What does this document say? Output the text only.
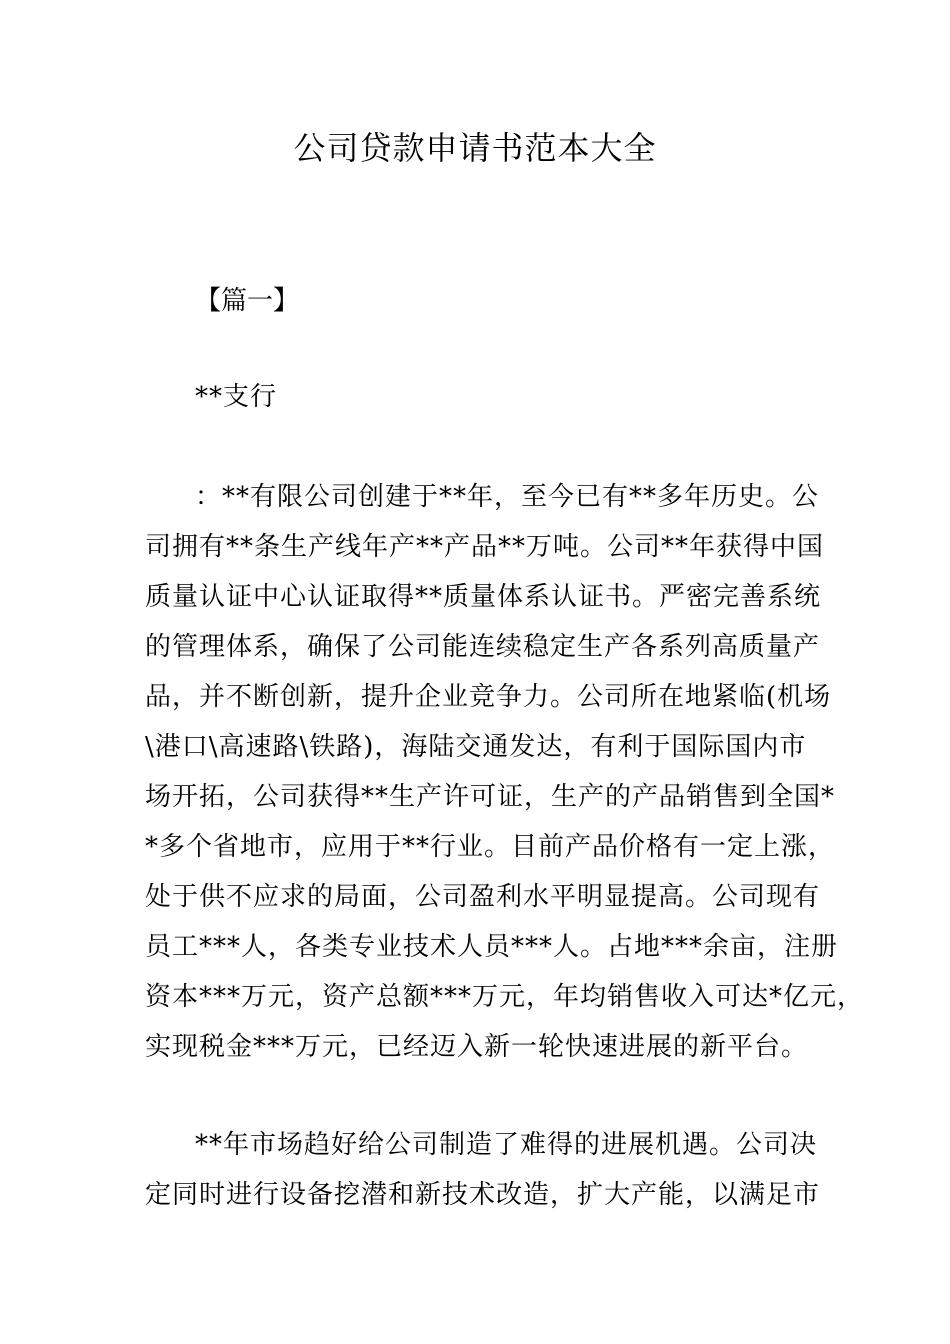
公司贷款申请书范本大全
【篇一】
**支行
：**有限公司创建于**年，至今已有**多年历史。公
司拥有**条生产线年产**产品**万吨。公司**年获得中国
质量认证中心认证取得**质量体系认证书。严密完善系统
的管理体系，确保了公司能连续稳定生产各系列高质量产
品，并不断创新，提升企业竞争力。公司所在地紧临(机场
\港口\高速路\铁路)，海陆交通发达，有利于国际国内市
场开拓，公司获得**生产许可证，生产的产品销售到全国*
*多个省地市，应用于**行业。目前产品价格有一定上涨，
处于供不应求的局面，公司盈利水平明显提高。公司现有
员工***人，各类专业技术人员***人。占地***余亩，注册
资本***万元，资产总额***万元，年均销售收入可达*亿元，
实现税金***万元，已经迈入新一轮快速进展的新平台。
**年市场趋好给公司制造了难得的进展机遇。公司决
定同时进行设备挖潜和新技术改造，扩大产能，以满足市
